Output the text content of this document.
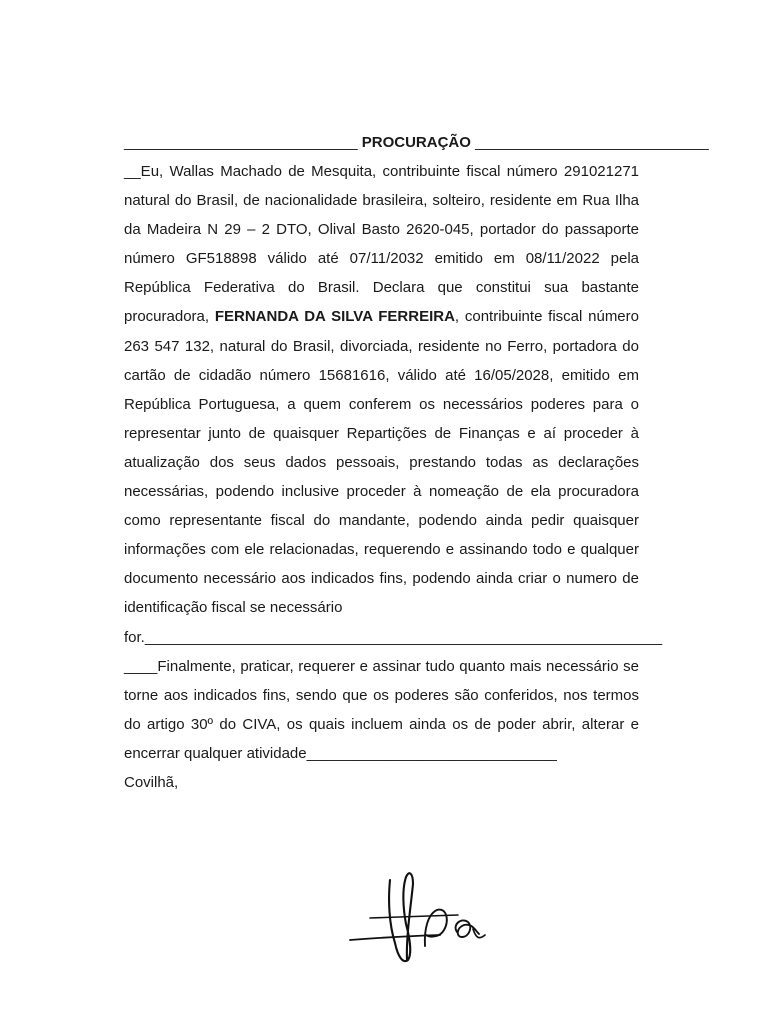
____________________________ PROCURAÇÃO ____________________________

__Eu, Wallas Machado de Mesquita, contribuinte fiscal número 291021271 natural do Brasil, de nacionalidade brasileira, solteiro, residente em Rua Ilha da Madeira N 29 – 2 DTO, Olival Basto 2620-045, portador do passaporte número GF518898 válido até 07/11/2032 emitido em 08/11/2022 pela República Federativa do Brasil. Declara que constitui sua bastante procuradora, FERNANDA DA SILVA FERREIRA, contribuinte fiscal número 263 547 132, natural do Brasil, divorciada, residente no Ferro, portadora do cartão de cidadão número 15681616, válido até 16/05/2028, emitido em República Portuguesa, a quem conferem os necessários poderes para o representar junto de quaisquer Repartições de Finanças e aí proceder à atualização dos seus dados pessoais, prestando todas as declarações necessárias, podendo inclusive proceder à nomeação de ela procuradora como representante fiscal do mandante, podendo ainda pedir quaisquer informações com ele relacionadas, requerendo e assinando todo e qualquer documento necessário aos indicados fins, podendo ainda criar o numero de identificação fiscal se necessário

for.______________________________________________________________

____Finalmente, praticar, requerer e assinar tudo quanto mais necessário se torne aos indicados fins, sendo que os poderes são conferidos, nos termos do artigo 30º do CIVA, os quais incluem ainda os de poder abrir, alterar e encerrar qualquer atividade______________________________

Covilhã,
